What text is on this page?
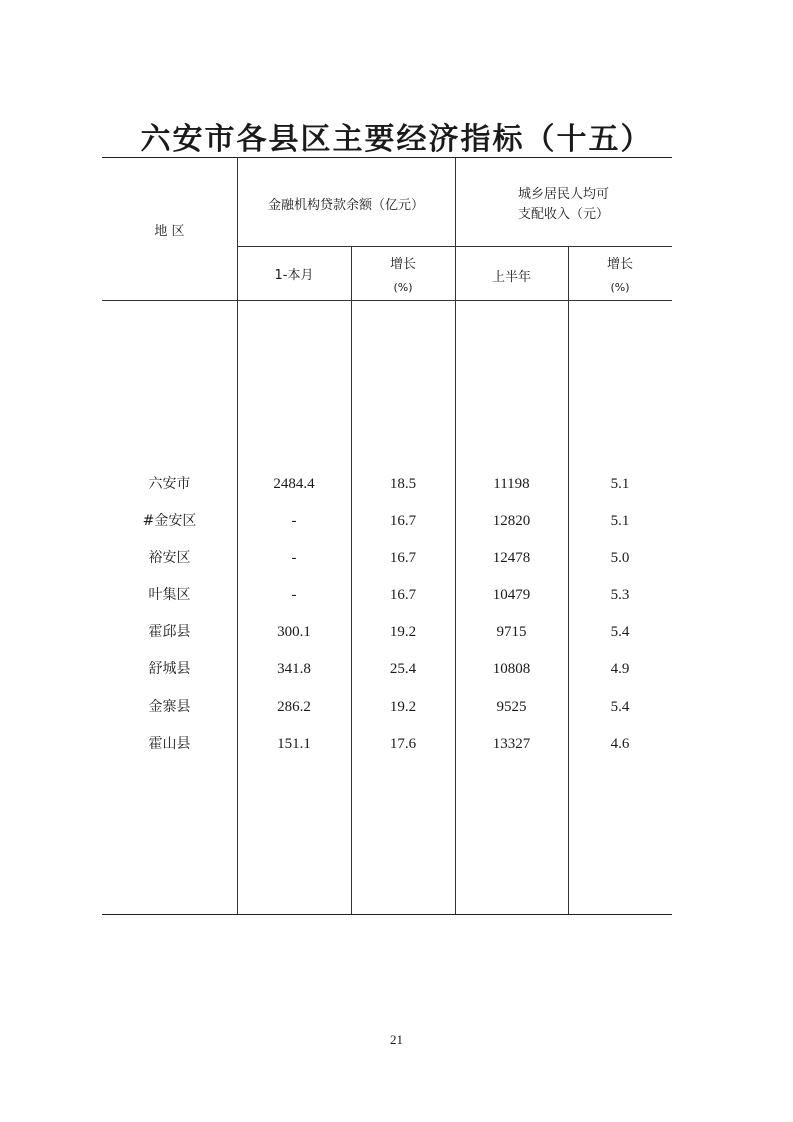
六安市各县区主要经济指标（十五）
地 区
金融机构贷款余额（亿元）
城乡居民人均可
支配收入（元）
1-本月
增长
(%)
上半年
增长
(%)
六安市	2484.4	18.5	11198	5.1
#金安区	-	16.7	12820	5.1
裕安区	-	16.7	12478	5.0
叶集区	-	16.7	10479	5.3
霍邱县	300.1	19.2	9715	5.4
舒城县	341.8	25.4	10808	4.9
金寨县	286.2	19.2	9525	5.4
霍山县	151.1	17.6	13327	4.6
21
